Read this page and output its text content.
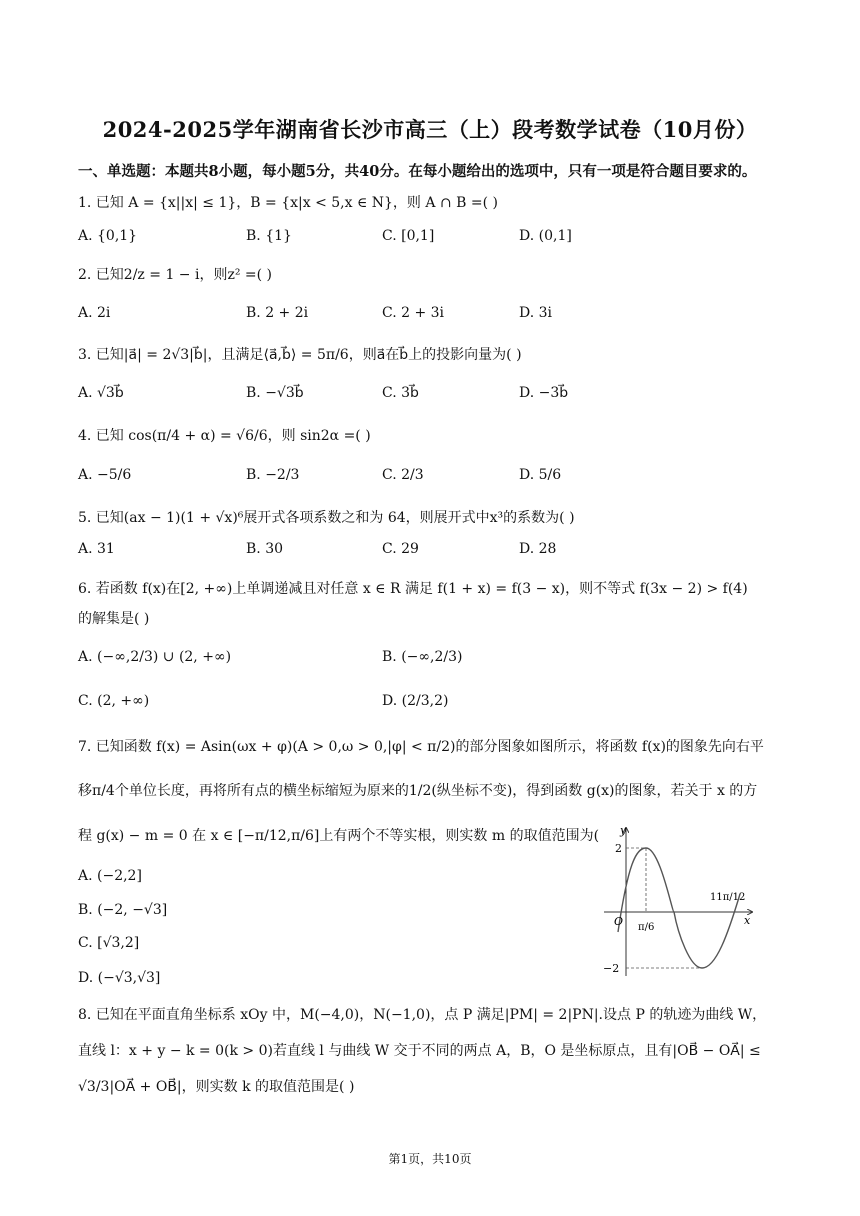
2024-2025学年湖南省长沙市高三（上）段考数学试卷（10月份）
一、单选题：本题共8小题，每小题5分，共40分。在每小题给出的选项中，只有一项是符合题目要求的。
1. 已知 A = {x||x| ≤ 1}，B = {x|x < 5,x ∈ N}，则 A ∩ B =( )
A. {0,1}	B. {1}	C. [0,1]	D. (0,1]
2. 已知2/z = 1 − i，则z² =( )
A. 2i	B. 2 + 2i	C. 2 + 3i	D. 3i
3. 已知|a⃗| = 2√3|b⃗|，且满足⟨a⃗,b⃗⟩ = 5π/6，则a⃗在b⃗上的投影向量为( )
A. √3b⃗	B. −√3b⃗	C. 3b⃗	D. −3b⃗
4. 已知 cos(π/4 + α) = √6/6，则 sin2α =( )
A. −5/6	B. −2/3	C. 2/3	D. 5/6
5. 已知(ax − 1)(1 + √x)⁶展开式各项系数之和为 64，则展开式中x³的系数为( )
A. 31	B. 30	C. 29	D. 28
6. 若函数 f(x)在[2, +∞)上单调递减且对任意 x ∈ R 满足 f(1 + x) = f(3 − x)，则不等式 f(3x − 2) > f(4)
的解集是( )
A. (−∞,2/3) ∪ (2, +∞)	B. (−∞,2/3)
C. (2, +∞)	D. (2/3,2)
7. 已知函数 f(x) = Asin(ωx + φ)(A > 0,ω > 0,|φ| < π/2)的部分图象如图所示，将函数 f(x)的图象先向右平
移π/4个单位长度，再将所有点的横坐标缩短为原来的1/2(纵坐标不变)，得到函数 g(x)的图象，若关于 x 的方
程 g(x) − m = 0 在 x ∈ [−π/12,π/6]上有两个不等实根，则实数 m 的取值范围为(
A. (−2,2]
B. (−2, −√3]
C. [√3,2]
D. (−√3,√3]
y
x
O
2
−2
π/6
11π/12
8. 已知在平面直角坐标系 xOy 中，M(−4,0)，N(−1,0)，点 P 满足|PM| = 2|PN|.设点 P 的轨迹为曲线 W，
直线 l：x + y − k = 0(k > 0)若直线 l 与曲线 W 交于不同的两点 A，B，O 是坐标原点，且有|OB⃗ − OA⃗| ≤
√3/3|OA⃗ + OB⃗|，则实数 k 的取值范围是( )
第1页，共10页
